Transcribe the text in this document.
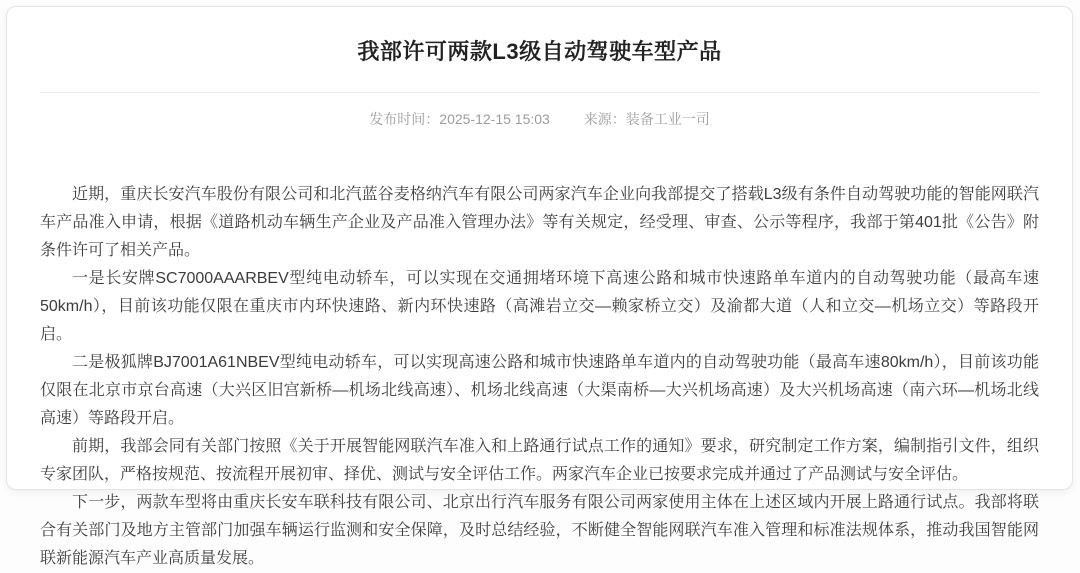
我部许可两款L3级自动驾驶车型产品
发布时间：2025-12-15 15:03 来源：装备工业一司

近期，重庆长安汽车股份有限公司和北汽蓝谷麦格纳汽车有限公司两家汽车企业向我部提交了搭载L3级有条件自动驾驶功能的智能网联汽车产品准入申请，根据《道路机动车辆生产企业及产品准入管理办法》等有关规定，经受理、审查、公示等程序，我部于第401批《公告》附条件许可了相关产品。

一是长安牌SC7000AAARBEV型纯电动轿车，可以实现在交通拥堵环境下高速公路和城市快速路单车道内的自动驾驶功能（最高车速50km/h），目前该功能仅限在重庆市内环快速路、新内环快速路（高滩岩立交—赖家桥立交）及渝都大道（人和立交—机场立交）等路段开启。

二是极狐牌BJ7001A61NBEV型纯电动轿车，可以实现高速公路和城市快速路单车道内的自动驾驶功能（最高车速80km/h），目前该功能仅限在北京市京台高速（大兴区旧宫新桥—机场北线高速）、机场北线高速（大渠南桥—大兴机场高速）及大兴机场高速（南六环—机场北线高速）等路段开启。

前期，我部会同有关部门按照《关于开展智能网联汽车准入和上路通行试点工作的通知》要求，研究制定工作方案，编制指引文件，组织专家团队，严格按规范、按流程开展初审、择优、测试与安全评估工作。两家汽车企业已按要求完成并通过了产品测试与安全评估。

下一步，两款车型将由重庆长安车联科技有限公司、北京出行汽车服务有限公司两家使用主体在上述区域内开展上路通行试点。我部将联合有关部门及地方主管部门加强车辆运行监测和安全保障，及时总结经验，不断健全智能网联汽车准入管理和标准法规体系，推动我国智能网联新能源汽车产业高质量发展。
